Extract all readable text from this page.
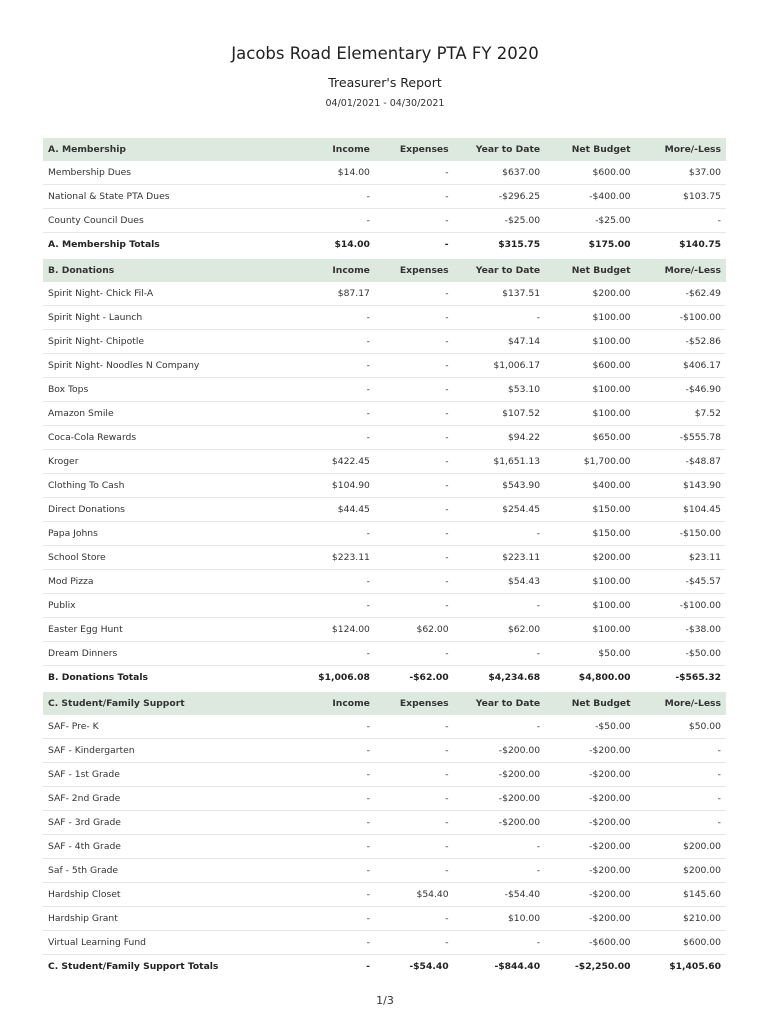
Jacobs Road Elementary PTA FY 2020
Treasurer's Report
04/01/2021 - 04/30/2021
A. Membership	Income	Expenses	Year to Date	Net Budget	More/-Less
Membership Dues	$14.00	-	$637.00	$600.00	$37.00
National & State PTA Dues	-	-	-$296.25	-$400.00	$103.75
County Council Dues	-	-	-$25.00	-$25.00	-
A. Membership Totals	$14.00	-	$315.75	$175.00	$140.75

B. Donations	Income	Expenses	Year to Date	Net Budget	More/-Less
Spirit Night- Chick Fil-A	$87.17	-	$137.51	$200.00	-$62.49
Spirit Night - Launch	-	-	-	$100.00	-$100.00
Spirit Night- Chipotle	-	-	$47.14	$100.00	-$52.86
Spirit Night- Noodles N Company	-	-	$1,006.17	$600.00	$406.17
Box Tops	-	-	$53.10	$100.00	-$46.90
Amazon Smile	-	-	$107.52	$100.00	$7.52
Coca-Cola Rewards	-	-	$94.22	$650.00	-$555.78
Kroger	$422.45	-	$1,651.13	$1,700.00	-$48.87
Clothing To Cash	$104.90	-	$543.90	$400.00	$143.90
Direct Donations	$44.45	-	$254.45	$150.00	$104.45
Papa Johns	-	-	-	$150.00	-$150.00
School Store	$223.11	-	$223.11	$200.00	$23.11
Mod Pizza	-	-	$54.43	$100.00	-$45.57
Publix	-	-	-	$100.00	-$100.00
Easter Egg Hunt	$124.00	$62.00	$62.00	$100.00	-$38.00
Dream Dinners	-	-	-	$50.00	-$50.00
B. Donations Totals	$1,006.08	-$62.00	$4,234.68	$4,800.00	-$565.32

C. Student/Family Support	Income	Expenses	Year to Date	Net Budget	More/-Less
SAF- Pre- K	-	-	-	-$50.00	$50.00
SAF - Kindergarten	-	-	-$200.00	-$200.00	-
SAF - 1st Grade	-	-	-$200.00	-$200.00	-
SAF- 2nd Grade	-	-	-$200.00	-$200.00	-
SAF - 3rd Grade	-	-	-$200.00	-$200.00	-
SAF - 4th Grade	-	-	-	-$200.00	$200.00
Saf - 5th Grade	-	-	-	-$200.00	$200.00
Hardship Closet	-	$54.40	-$54.40	-$200.00	$145.60
Hardship Grant	-	-	$10.00	-$200.00	$210.00
Virtual Learning Fund	-	-	-	-$600.00	$600.00
C. Student/Family Support Totals	-	-$54.40	-$844.40	-$2,250.00	$1,405.60
1/3
